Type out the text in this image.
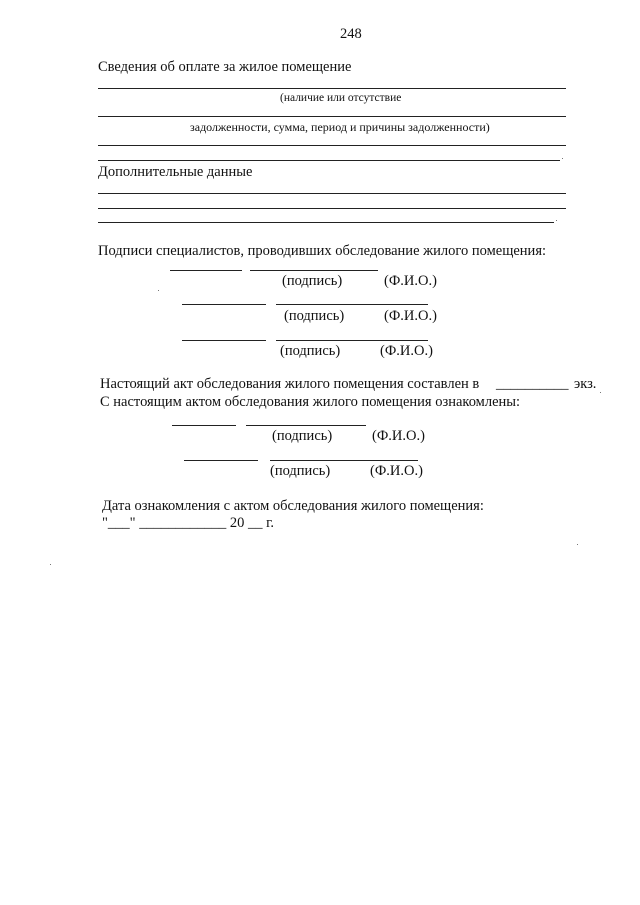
248
Сведения об оплате за жилое помещение
(наличие или отсутствие
задолженности, сумма, период и причины задолженности)
Дополнительные данные
Подписи специалистов, проводивших обследование жилого помещения:
(подпись)	(Ф.И.О.)
(подпись)	(Ф.И.О.)
(подпись)	(Ф.И.О.)
Настоящий акт обследования жилого помещения составлен в __________ экз.
С настоящим актом обследования жилого помещения ознакомлены:
(подпись)	(Ф.И.О.)
(подпись)	(Ф.И.О.)
Дата ознакомления с актом обследования жилого помещения:
"___" ____________ 20 __ г.
